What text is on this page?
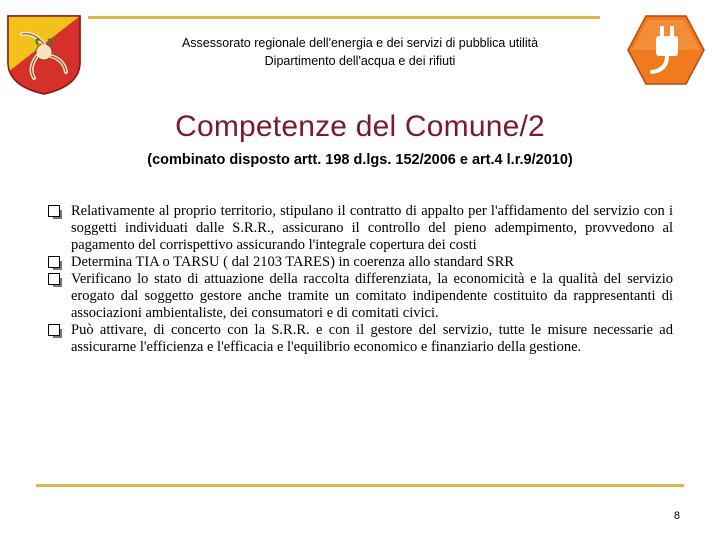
Assessorato regionale dell'energia e dei servizi di pubblica utilità
Dipartimento dell'acqua e dei rifiuti
Competenze del Comune/2
(combinato disposto artt. 198 d.lgs. 152/2006 e art.4 l.r.9/2010)
Relativamente al proprio territorio, stipulano il contratto di appalto per l'affidamento del servizio con i soggetti individuati dalle S.R.R., assicurano il controllo del pieno adempimento, provvedono al pagamento del corrispettivo assicurando l'integrale copertura dei costi
Determina TIA o TARSU ( dal 2103 TARES) in coerenza allo standard SRR
Verificano lo stato di attuazione della raccolta differenziata, la economicità e la qualità del servizio erogato dal soggetto gestore anche tramite un comitato indipendente costituito da rappresentanti di associazioni ambientaliste, dei consumatori e di comitati civici.
Può attivare, di concerto con la S.R.R. e con il gestore del servizio, tutte le misure necessarie ad assicurarne l'efficienza e l'efficacia e l'equilibrio economico e finanziario della gestione.
8
